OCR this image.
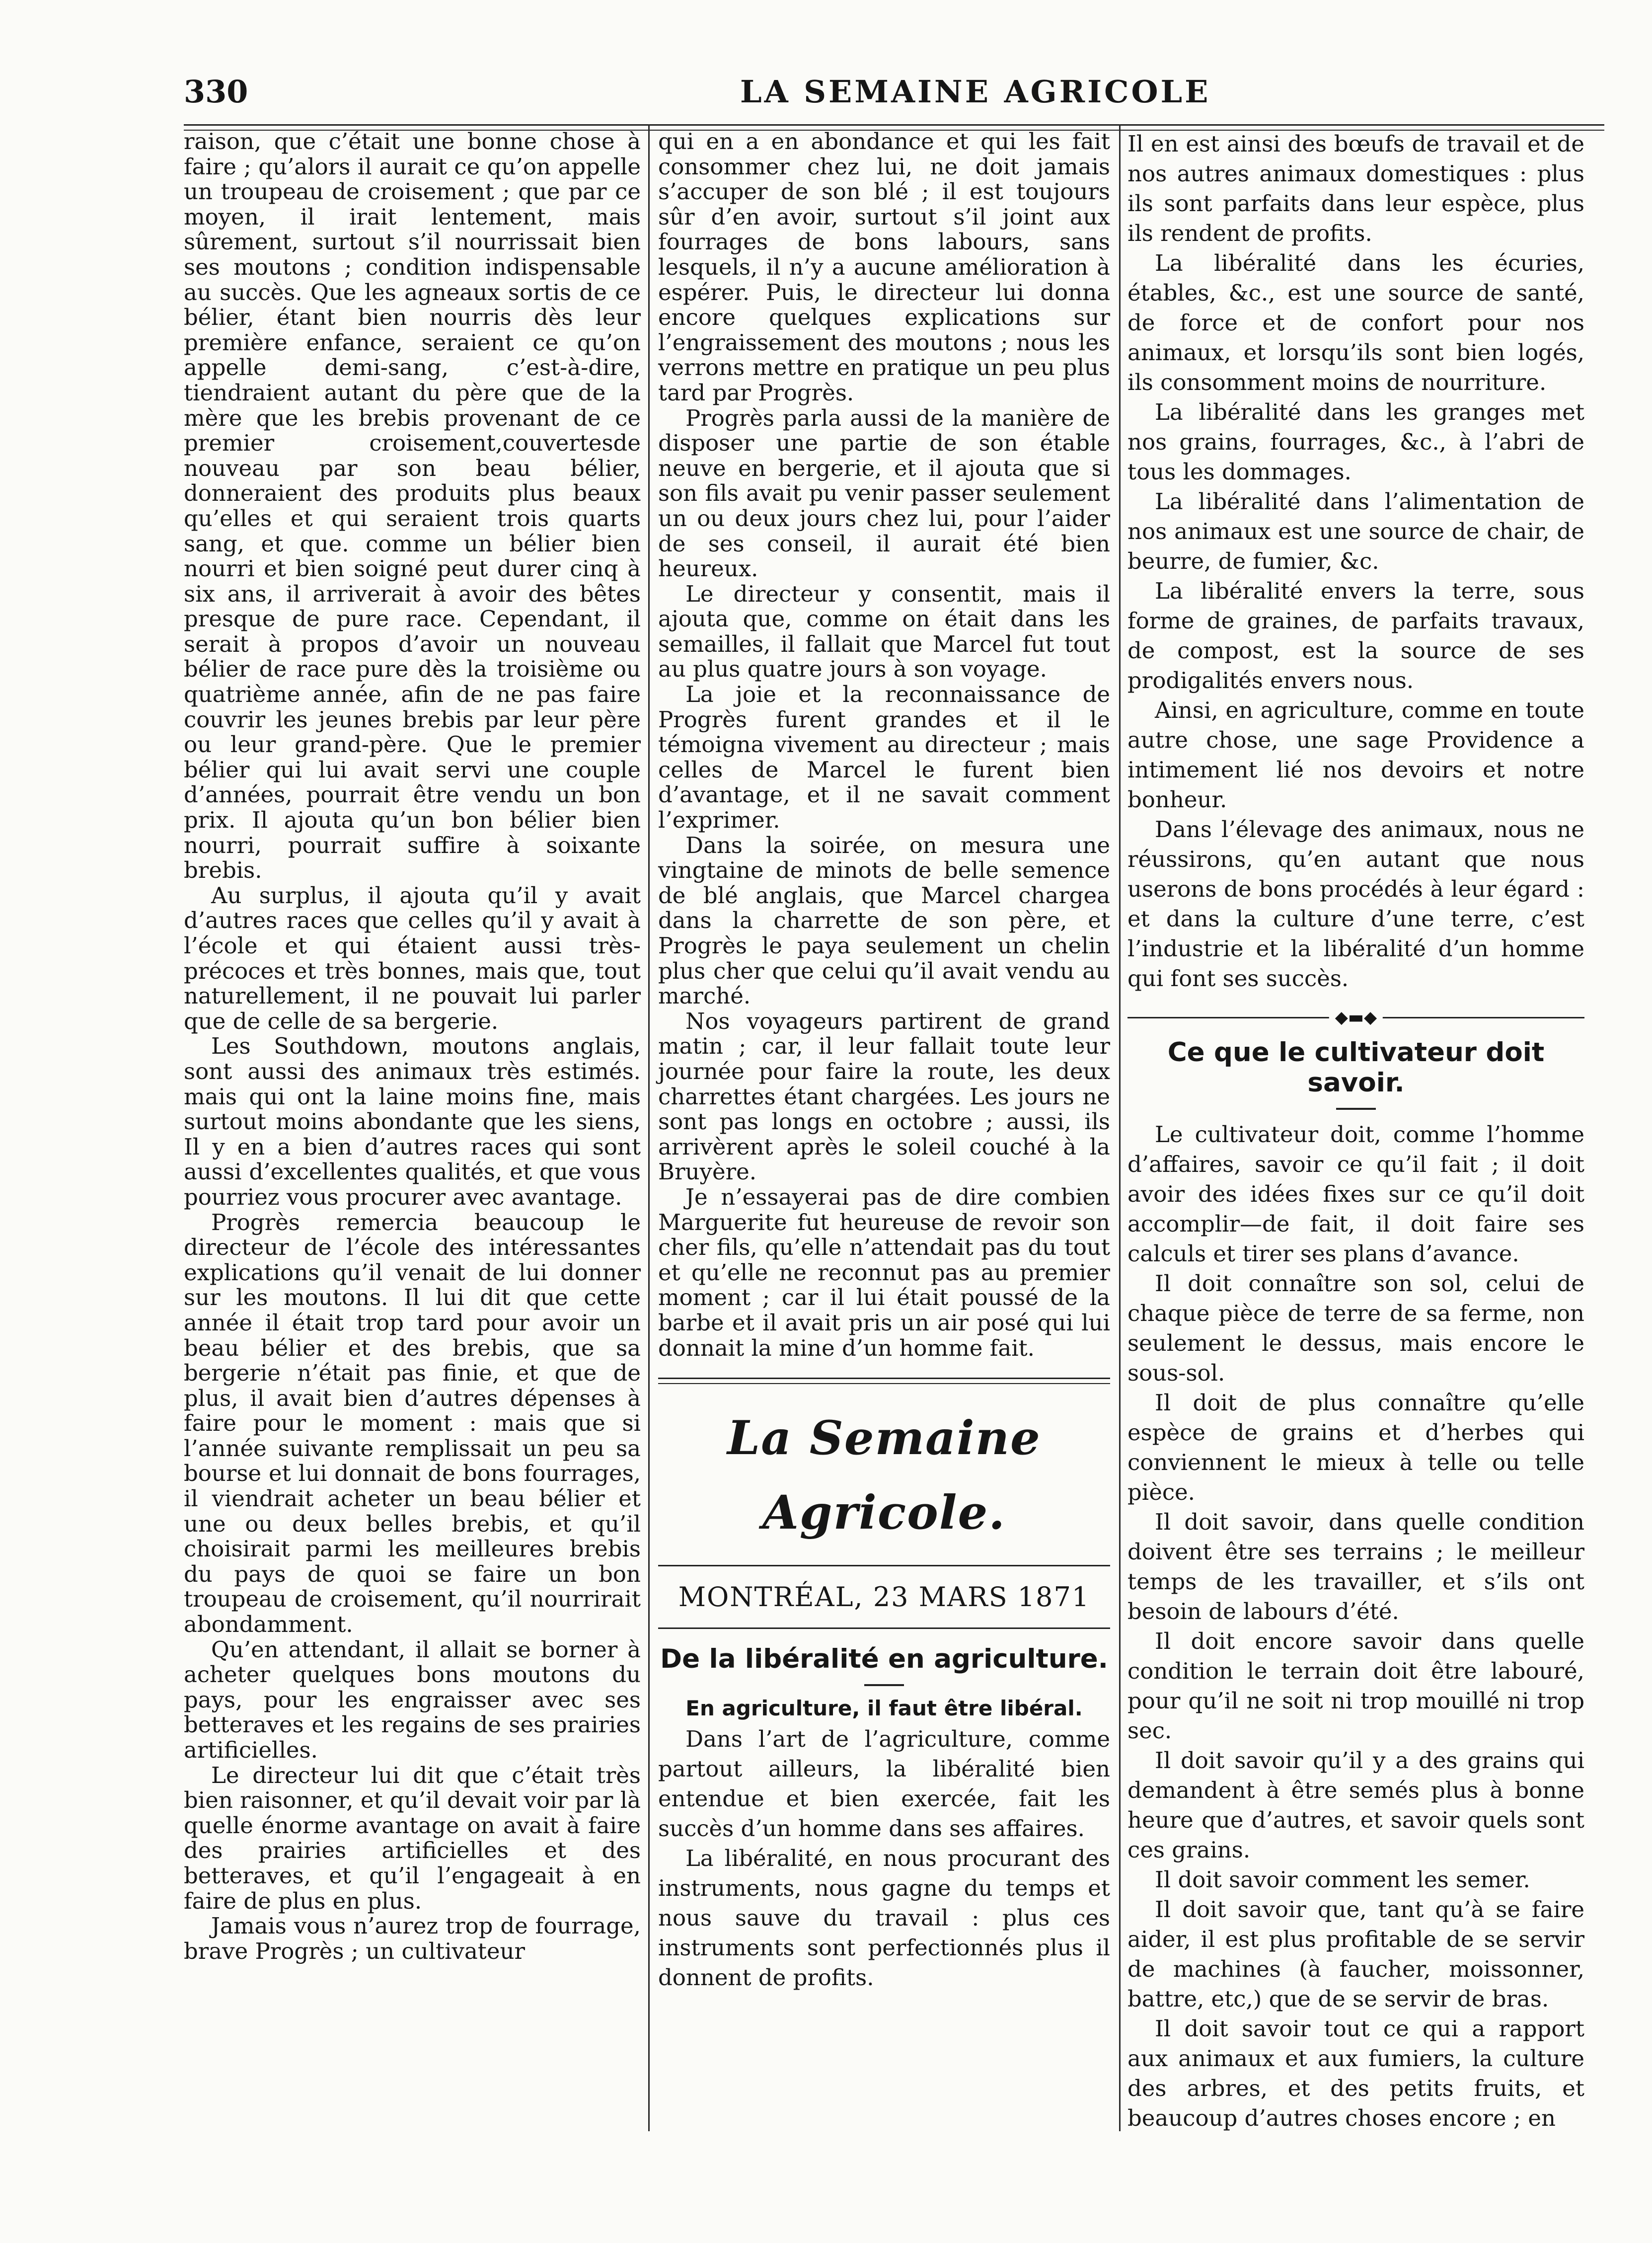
330	LA SEMAINE AGRICOLE

raison, que c’était une bonne chose à faire ; qu’alors il aurait ce qu’on appelle un troupeau de croisement ; que par ce moyen, il irait lentement, mais sûrement, surtout s’il nourrissait bien ses moutons ; condition indispensable au succès. Que les agneaux sortis de ce bélier, étant bien nourris dès leur première enfance, seraient ce qu’on appelle demi-sang, c’est-à-dire, tiendraient autant du père que de la mère que les brebis provenant de ce premier croisement,couvertesde nouveau par son beau bélier, donneraient des produits plus beaux qu’elles et qui seraient trois quarts sang, et que. comme un bélier bien nourri et bien soigné peut durer cinq à six ans, il arriverait à avoir des bêtes presque de pure race. Cependant, il serait à propos d’avoir un nouveau bélier de race pure dès la troisième ou quatrième année, afin de ne pas faire couvrir les jeunes brebis par leur père ou leur grand-père. Que le premier bélier qui lui avait servi une couple d’années, pourrait être vendu un bon prix. Il ajouta qu’un bon bélier bien nourri, pourrait suffire à soixante brebis.

Au surplus, il ajouta qu’il y avait d’autres races que celles qu’il y avait à l’école et qui étaient aussi très-précoces et très bonnes, mais que, tout naturellement, il ne pouvait lui parler que de celle de sa bergerie.

Les Southdown, moutons anglais, sont aussi des animaux très estimés. mais qui ont la laine moins fine, mais surtout moins abondante que les siens, Il y en a bien d’autres races qui sont aussi d’excellentes qualités, et que vous pourriez vous procurer avec avantage.

Progrès remercia beaucoup le directeur de l’école des intéressantes explications qu’il venait de lui donner sur les moutons. Il lui dit que cette année il était trop tard pour avoir un beau bélier et des brebis, que sa bergerie n’était pas finie, et que de plus, il avait bien d’autres dépenses à faire pour le moment : mais que si l’année suivante remplissait un peu sa bourse et lui donnait de bons fourrages, il viendrait acheter un beau bélier et une ou deux belles brebis, et qu’il choisirait parmi les meilleures brebis du pays de quoi se faire un bon troupeau de croisement, qu’il nourrirait abondamment.

Qu’en attendant, il allait se borner à acheter quelques bons moutons du pays, pour les engraisser avec ses betteraves et les regains de ses prairies artificielles.

Le directeur lui dit que c’était très bien raisonner, et qu’il devait voir par là quelle énorme avantage on avait à faire des prairies artificielles et des betteraves, et qu’il l’engageait à en faire de plus en plus.

Jamais vous n’aurez trop de fourrage, brave Progrès ; un cultivateur

qui en a en abondance et qui les fait consommer chez lui, ne doit jamais s’accuper de son blé ; il est toujours sûr d’en avoir, surtout s’il joint aux fourrages de bons labours, sans lesquels, il n’y a aucune amélioration à espérer. Puis, le directeur lui donna encore quelques explications sur l’engraissement des moutons ; nous les verrons mettre en pratique un peu plus tard par Progrès.

Progrès parla aussi de la manière de disposer une partie de son établе neuve en bergerie, et il ajouta que si son fils avait pu venir passer seulement un ou deux jours chez lui, pour l’aider de ses conseil, il aurait été bien heureux.

Le directeur y consentit, mais il ajouta que, comme on était dans les semailles, il fallait que Marcel fut tout au plus quatre jours à son voyage.

La joie et la reconnaissance de Progrès furent grandes et il le témoigna vivement au directeur ; mais celles de Marcel le furent bien d’avantage, et il ne savait comment l’exprimer.

Dans la soirée, on mesura une vingtaine de minots de belle semence de blé anglais, que Marcel chargea dans la charrette de son père, et Progrès le paya seulement un chelin plus cher que celui qu’il avait vendu au marché.

Nos voyageurs partirent de grand matin ; car, il leur fallait toute leur journée pour faire la route, les deux charrettes étant chargées. Les jours ne sont pas longs en octobre ; aussi, ils arrivèrent après le soleil couché à la Bruyère.

Je n’essayerai pas de dire combien Marguerite fut heureuse de revoir son cher fils, qu’elle n’attendait pas du tout et qu’elle ne reconnut pas au premier moment ; car il lui était poussé de la barbe et il avait pris un air posé qui lui donnait la mine d’un homme fait.

La Semaine Agricole.
MONTRÉAL, 23 MARS 1871
De la libéralité en agriculture.
En agriculture, il faut être libéral.

Dans l’art de l’agriculture, comme partout ailleurs, la libéralité bien entendue et bien exercée, fait les succès d’un homme dans ses affaires.

La libéralité, en nous procurant des instruments, nous gagne du temps et nous sauve du travail : plus ces instruments sont perfectionnés plus il donnent de profits.

Il en est ainsi des bœufs de travail et de nos autres animaux domestiques : plus ils sont parfaits dans leur espèce, plus ils rendent de profits.

La libéralité dans les écuries, étables, &c., est une source de santé, de force et de confort pour nos animaux, et lorsqu’ils sont bien logés, ils consomment moins de nourriture.

La libéralité dans les granges met nos grains, fourrages, &c., à l’abri de tous les dommages.

La libéralité dans l’alimentation de nos animaux est une source de chair, de beurre, de fumier, &c.

La libéralité envers la terre, sous forme de graines, de parfaits travaux, de compost, est la source de ses prodigalités envers nous.

Ainsi, en agriculture, comme en toute autre chose, une sage Providence a intimement lié nos devoirs et notre bonheur.

Dans l’élevage des animaux, nous ne réussirons, qu’en autant que nous userons de bons procédés à leur égard : et dans la culture d’une terre, c’est l’industrie et la libéralité d’un homme qui font ses succès.

◆▬◆
Ce que le cultivateur doit savoir.

Le cultivateur doit, comme l’homme d’affaires, savoir ce qu’il fait ; il doit avoir des idées fixes sur ce qu’il doit accomplir—de fait, il doit faire ses calculs et tirer ses plans d’avance.

Il doit connaître son sol, celui de chaque pièce de terre de sa ferme, non seulement le dessus, mais encore le sous-sol.

Il doit de plus connaître qu’elle espèce de grains et d’herbes qui conviennent le mieux à telle ou telle pièce.

Il doit savoir, dans quelle condition doivent être ses terrains ; le meilleur temps de les travailler, et s’ils ont besoin de labours d’été.

Il doit encore savoir dans quelle condition le terrain doit être labouré, pour qu’il ne soit ni trop mouillé ni trop sec.

Il doit savoir qu’il y a des grains qui demandent à être semés plus à bonne heure que d’autres, et savoir quels sont ces grains.

Il doit savoir comment les semer.

Il doit savoir que, tant qu’à se faire aider, il est plus profitable de se servir de machines (à faucher, moissonner, battre, etc,) que de se servir de bras.

Il doit savoir tout ce qui a rapport aux animaux et aux fumiers, la culture des arbres, et des petits fruits, et beaucoup d’autres choses encore ; en
